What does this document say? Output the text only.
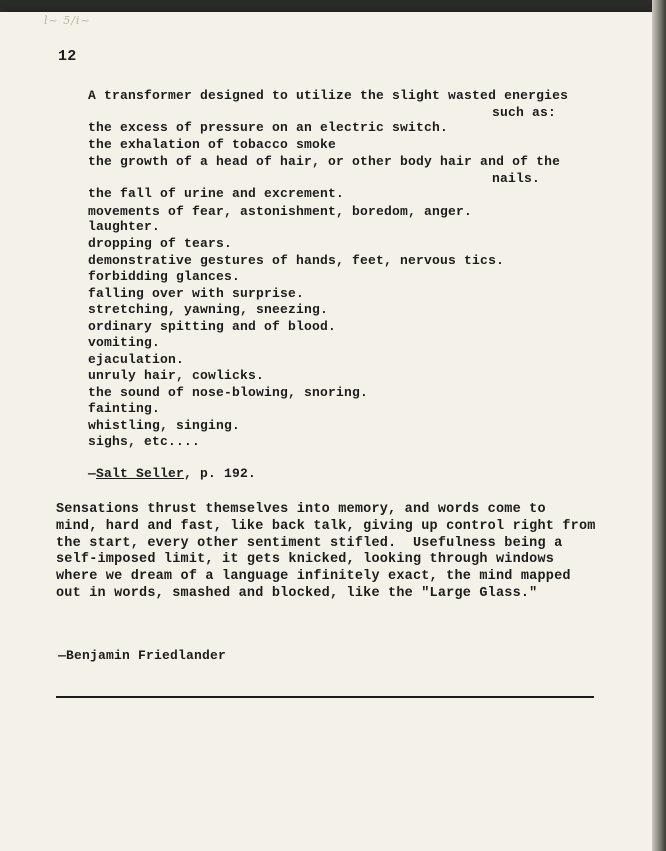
l~ 5/i~
12
A transformer designed to utilize the slight wasted energies
such as:
the excess of pressure on an electric switch.
the exhalation of tobacco smoke
the growth of a head of hair, or other body hair and of the
nails.
the fall of urine and excrement.
movements of fear, astonishment, boredom, anger.
laughter.
dropping of tears.
demonstrative gestures of hands, feet, nervous tics.
forbidding glances.
falling over with surprise.
stretching, yawning, sneezing.
ordinary spitting and of blood.
vomiting.
ejaculation.
unruly hair, cowlicks.
the sound of nose-blowing, snoring.
fainting.
whistling, singing.
sighs, etc....
—Salt Seller, p. 192.
Sensations thrust themselves into memory, and words come to
mind, hard and fast, like back talk, giving up control right from
the start, every other sentiment stifled.  Usefulness being a
self-imposed limit, it gets knicked, looking through windows
where we dream of a language infinitely exact, the mind mapped
out in words, smashed and blocked, like the "Large Glass."
—Benjamin Friedlander
